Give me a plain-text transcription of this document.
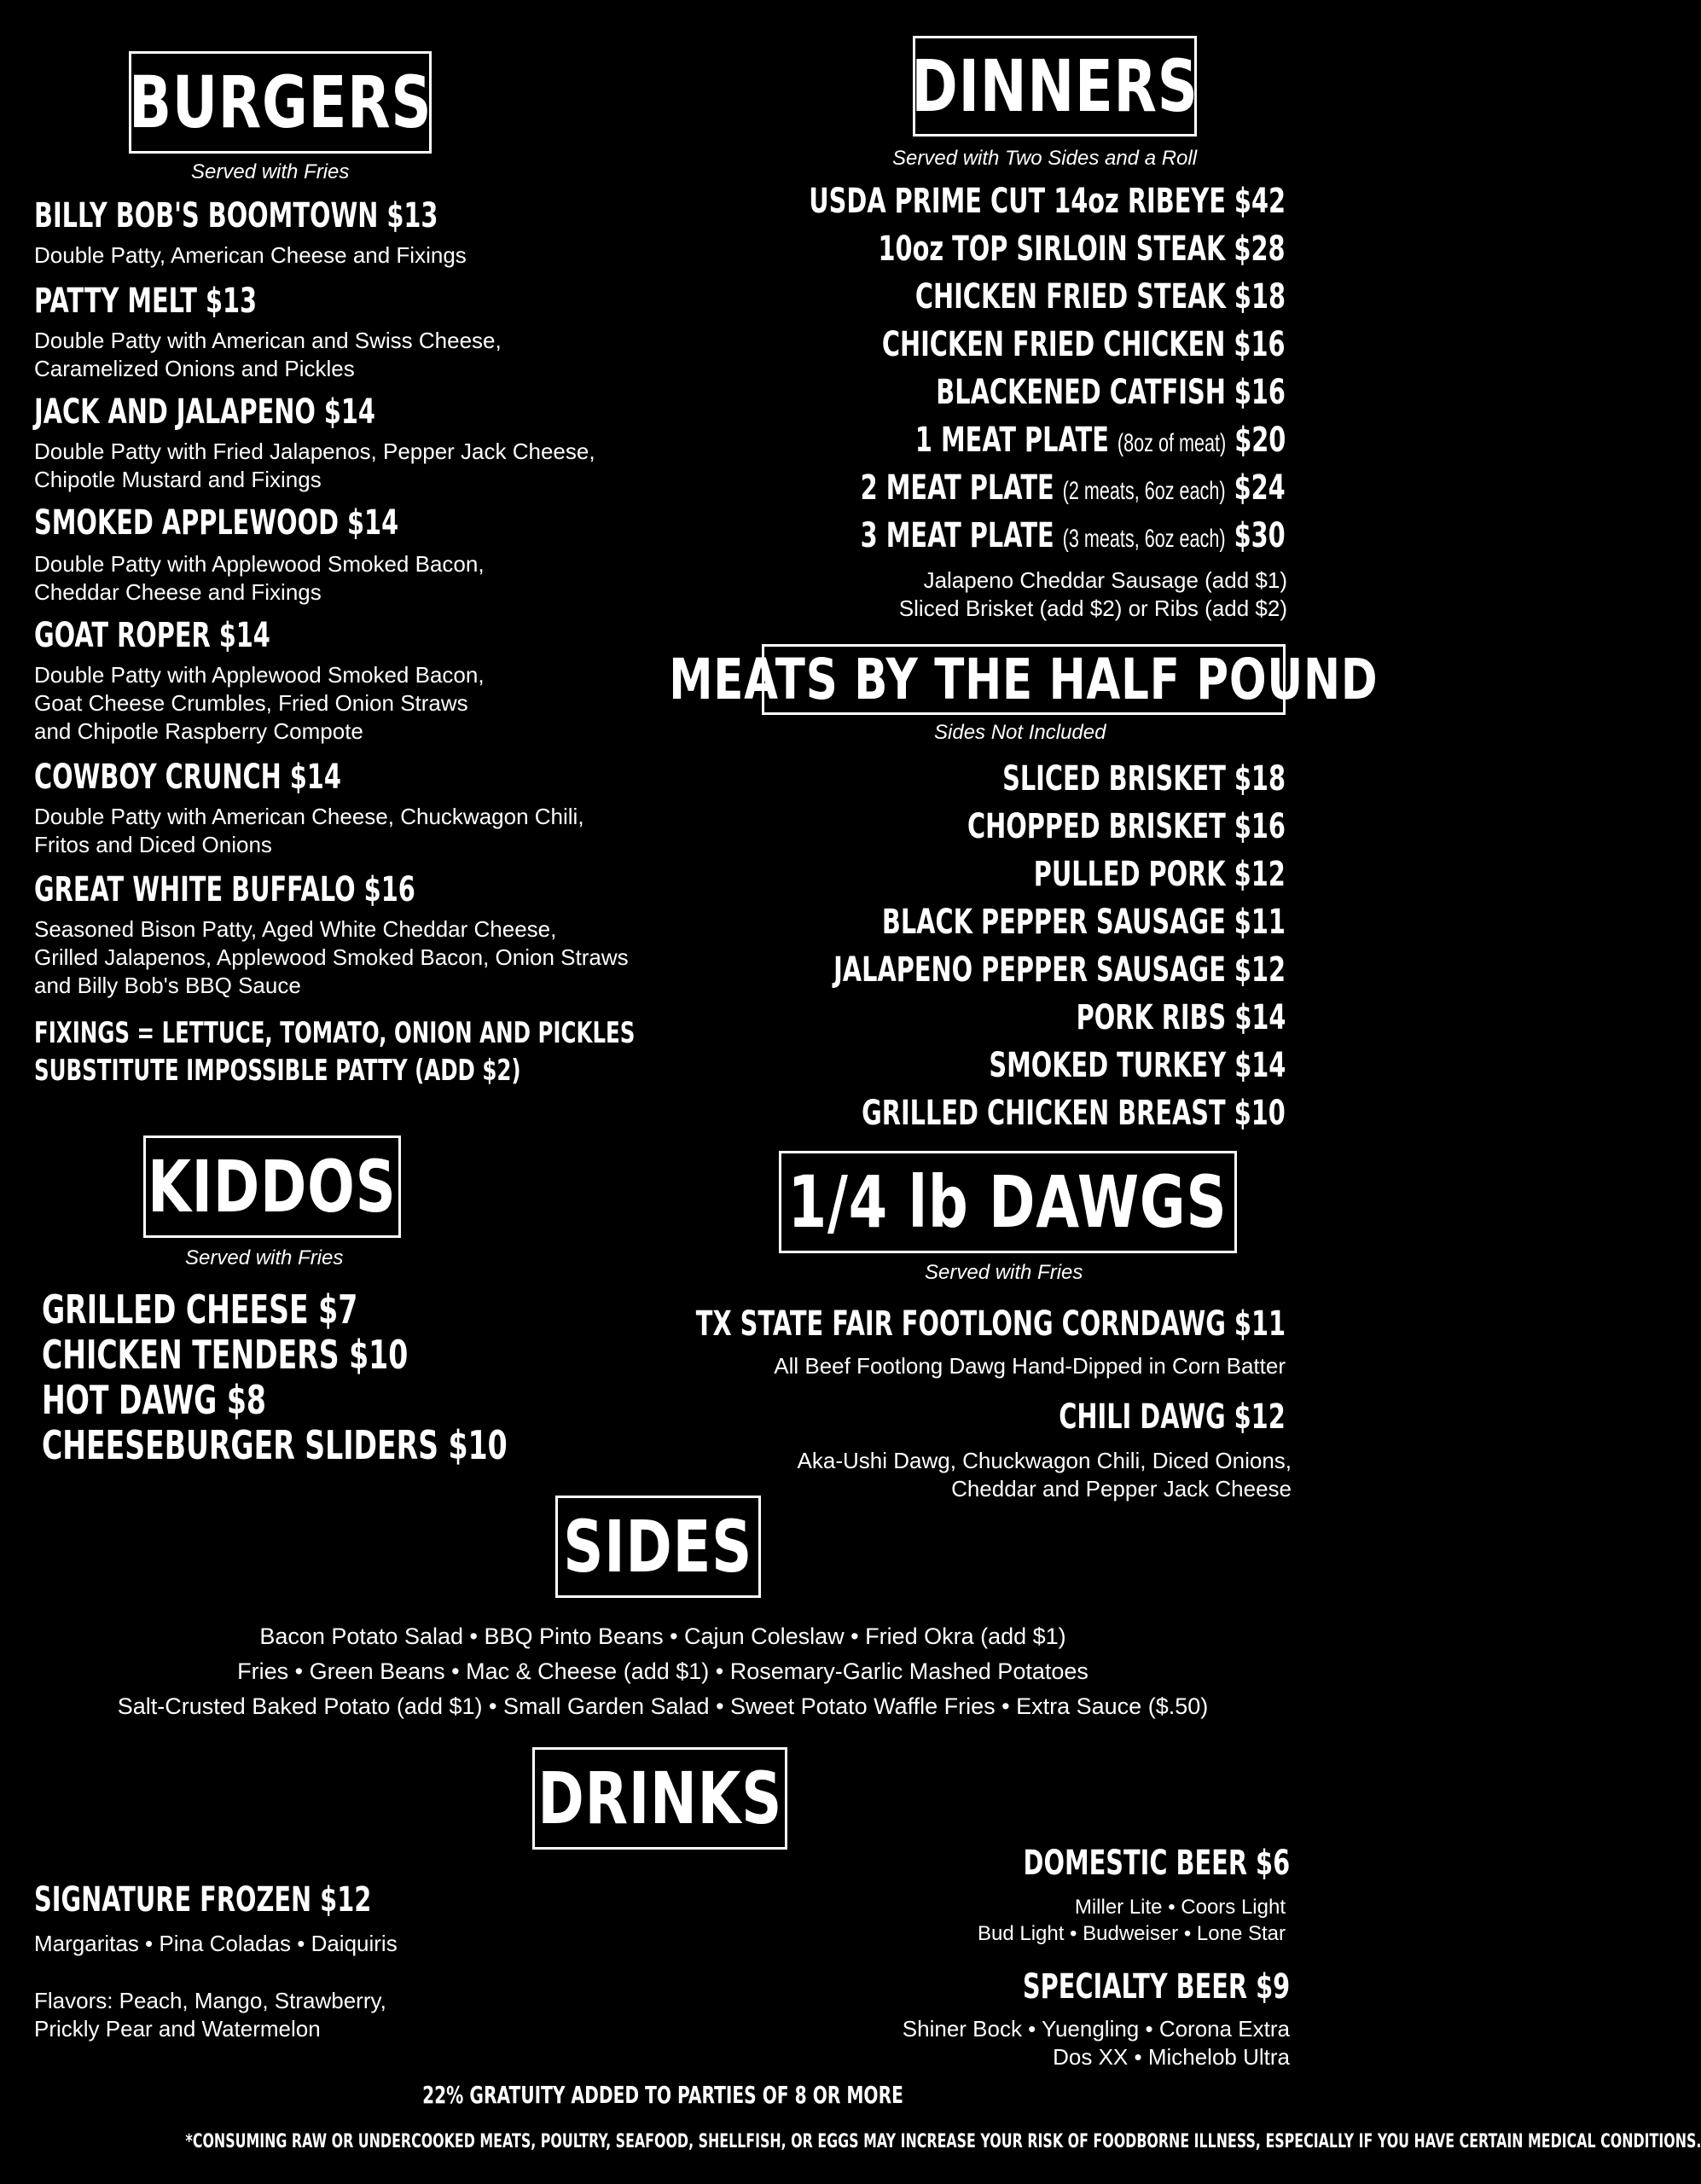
BURGERS
Served with Fries
BILLY BOB'S BOOMTOWN $13
Double Patty, American Cheese and Fixings
PATTY MELT $13
Double Patty with American and Swiss Cheese,
Caramelized Onions and Pickles
JACK AND JALAPENO $14
Double Patty with Fried Jalapenos, Pepper Jack Cheese,
Chipotle Mustard and Fixings
SMOKED APPLEWOOD $14
Double Patty with Applewood Smoked Bacon,
Cheddar Cheese and Fixings
GOAT ROPER $14
Double Patty with Applewood Smoked Bacon,
Goat Cheese Crumbles, Fried Onion Straws
and Chipotle Raspberry Compote
COWBOY CRUNCH $14
Double Patty with American Cheese, Chuckwagon Chili,
Fritos and Diced Onions
GREAT WHITE BUFFALO $16
Seasoned Bison Patty, Aged White Cheddar Cheese,
Grilled Jalapenos, Applewood Smoked Bacon, Onion Straws
and Billy Bob's BBQ Sauce
FIXINGS = LETTUCE, TOMATO, ONION AND PICKLES
SUBSTITUTE IMPOSSIBLE PATTY (ADD $2)
DINNERS
Served with Two Sides and a Roll
USDA PRIME CUT 14oz RIBEYE $42
10oz TOP SIRLOIN STEAK $28
CHICKEN FRIED STEAK $18
CHICKEN FRIED CHICKEN $16
BLACKENED CATFISH $16
1 MEAT PLATE (8oz of meat) $20
2 MEAT PLATE (2 meats, 6oz each) $24
3 MEAT PLATE (3 meats, 6oz each) $30
Jalapeno Cheddar Sausage (add $1)
Sliced Brisket (add $2) or Ribs (add $2)
MEATS BY THE HALF POUND
Sides Not Included
SLICED BRISKET $18
CHOPPED BRISKET $16
PULLED PORK $12
BLACK PEPPER SAUSAGE $11
JALAPENO PEPPER SAUSAGE $12
PORK RIBS $14
SMOKED TURKEY $14
GRILLED CHICKEN BREAST $10
KIDDOS
Served with Fries
GRILLED CHEESE $7
CHICKEN TENDERS $10
HOT DAWG $8
CHEESEBURGER SLIDERS $10
1/4 lb DAWGS
Served with Fries
TX STATE FAIR FOOTLONG CORNDAWG $11
All Beef Footlong Dawg Hand-Dipped in Corn Batter
CHILI DAWG $12
Aka-Ushi Dawg, Chuckwagon Chili, Diced Onions,
Cheddar and Pepper Jack Cheese
SIDES
Bacon Potato Salad • BBQ Pinto Beans • Cajun Coleslaw • Fried Okra (add $1)
Fries • Green Beans • Mac & Cheese (add $1) • Rosemary-Garlic Mashed Potatoes
Salt-Crusted Baked Potato (add $1) • Small Garden Salad • Sweet Potato Waffle Fries • Extra Sauce ($.50)
DRINKS
SIGNATURE FROZEN $12
Margaritas • Pina Coladas • Daiquiris
Flavors: Peach, Mango, Strawberry,
Prickly Pear and Watermelon
DOMESTIC BEER $6
Miller Lite • Coors Light
Bud Light • Budweiser • Lone Star
SPECIALTY BEER $9
Shiner Bock • Yuengling • Corona Extra
Dos XX • Michelob Ultra
22% GRATUITY ADDED TO PARTIES OF 8 OR MORE
*CONSUMING RAW OR UNDERCOOKED MEATS, POULTRY, SEAFOOD, SHELLFISH, OR EGGS MAY INCREASE YOUR RISK OF FOODBORNE ILLNESS, ESPECIALLY IF YOU HAVE CERTAIN MEDICAL CONDITIONS.
